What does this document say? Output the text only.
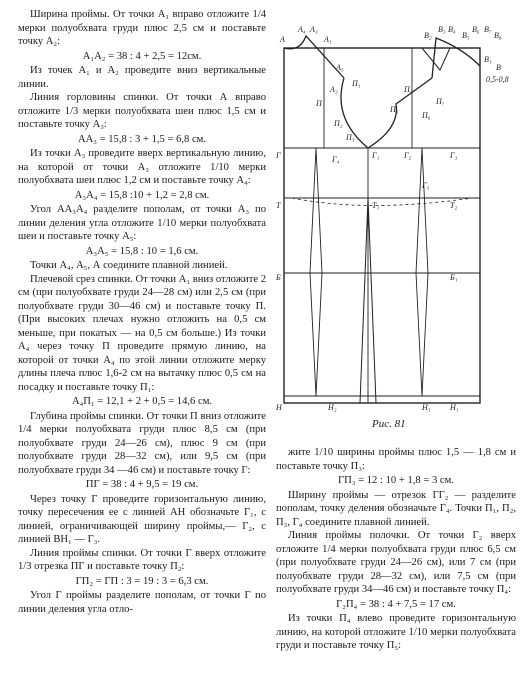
Ширина проймы. От точки А₁ вправо отложите 1/4 мерки полуобхвата груди плюс 2,5 см и поставьте точку А₂:

А₁А₂ = 38 : 4 + 2,5 = 12см.

Из точек А₁ и А₂ проведите вниз вертикальные линии.

Линия горловины спинки. От точки А вправо отложите 1/3 мерки полуобхвата шеи плюс 1,5 см и поставьте точку А₃:

АА₃ = 15,8 : 3 + 1,5 = 6,8 см.

Из точки А₃ проведите вверх вертикальную линию, на которой от точки А₃ отложите 1/10 мерки полуобхвата шеи плюс 1,2 см и поставьте точку А₄:

А₃А₄ = 15,8 :10 + 1,2 = 2,8 см.

Угол АА₃А₄ разделите пополам, от точки А₃ по линии деления угла отложите 1/10 мерки полуобхвата шеи и поставьте точку А₅:

А₃А₅ = 15,8 : 10 = 1,6 см.

Точки А₄, А₅, А соедините плавной линией.

Плечевой срез спинки. От точки А₁ вниз отложите 2 см (при полуобхвате груди 24—28 см) или 2,5 см (при полуобхвате груди 30—46 см) и поставьте точку П. (При высоких плечах нужно отложить на 0,5 см меньше, при покатых — на 0,5 см больше.) Из точки А₄ через точку П проведите прямую линию, на которой от точки А₄ по этой линии отложите мерку длины плеча плюс 1,6-2 см на вытачку плюс 0,5 см на посадку и поставьте точку П₁:

А₄П₁ = 12,1 + 2 + 0,5 = 14,6 см.

Глубина проймы спинки. От точки П вниз отложите 1/4 мерки полуобхвата груди плюс 8,5 см (при полуобхвате груди 24—26 см), плюс 9 см (при полуобхвате груди 28—32 см), или 9,5 см (при полуобхвате груди 34 —46 см) и поставьте точку Г:

ПГ = 38 : 4 + 9,5 = 19 см.

Через точку Г проведите горизонтальную линию, точку пересечения ее с линией АН обозначьте Г₁, с линией, ограничивающей ширину проймы,— Г₂, с линией ВН₁ — Г₃.

Линия проймы спинки. От точки Г вверх отложите 1/3 отрезка ПГ и поставьте точку П₂:

ГП₂ = ГП : 3 = 19 : 3 = 6,3 см.

Угол Г проймы разделите пополам, от точки Г по линии деления угла отло-

А
А₄ А₃
А₁	В₂
В₃ В₄
В₅
В₆ В₇
В₈
В₁
В
0,5-0,8
А₅
А₂
П
П₁
П₂
П₃
П₄
П₅
П₆
П₇
Г	Г₁	Г₂	Г₃
Г₄
Г₅
Т	Т₁	Т₂
Б	Б₁
Н	Н₁
Н₂	Н₃
Рис. 81

жите 1/10 ширины проймы плюс 1,5 — 1,8 см и поставьте точку П₃:

ГП₃ = 12 : 10 + 1,8 = 3 см.

Ширину проймы — отрезок ГГ₂ — разделите пополам, точку деления обозначьте Г₄. Точки П₁, П₂, П₃, Г₄ соедините плавной линией.

Линия проймы полочки. От точки Г₂ вверх отложите 1/4 мерки полуобхвата груди плюс 6,5 см (при полуобхвате груди 24—26 см), или 7 см (при полуобхвате груди 28—32 см), или 7,5 см (при полуобхвате груди 34—46 см) и поставьте точку П₄:

Г₂П₄ = 38 : 4 + 7,5 = 17 см.

Из точки П₄ влево проведите горизонтальную линию, на которой отложите 1/10 мерки полуобхвата груди и поставьте точку П₅:
